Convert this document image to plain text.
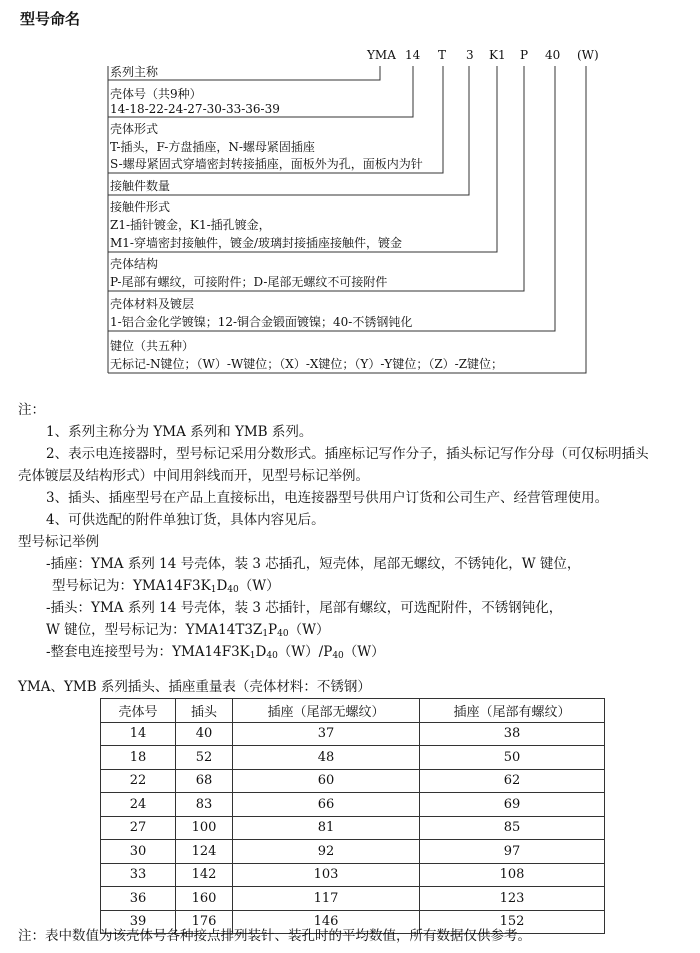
型号命名
YMA 14 T 3 K1 P 40 (W)
系列主称
壳体号（共9种）
14-18-22-24-27-30-33-36-39
壳体形式
T-插头，F-方盘插座，N-螺母紧固插座
S-螺母紧固式穿墙密封转接插座，面板外为孔，面板内为针
接触件数量
接触件形式
Z1-插针镀金，K1-插孔镀金，
M1-穿墙密封接触件，镀金/玻璃封接插座接触件，镀金
壳体结构
P-尾部有螺纹，可接附件；D-尾部无螺纹不可接附件
壳体材料及镀层
1-铝合金化学镀镍；12-铜合金锻面镀镍；40-不锈钢钝化
键位（共五种）
无标记-N键位；（W）-W键位；（X）-X键位；（Y）-Y键位；（Z）-Z键位；
注：
1、系列主称分为 YMA 系列和 YMB 系列。
2、表示电连接器时，型号标记采用分数形式。插座标记写作分子，插头标记写作分母（可仅标明插头
壳体镀层及结构形式）中间用斜线而开，见型号标记举例。
3、插头、插座型号在产品上直接标出，电连接器型号供用户订货和公司生产、经营管理使用。
4、可供选配的附件单独订货，具体内容见后。
型号标记举例
-插座：YMA 系列 14 号壳体，装 3 芯插孔，短壳体，尾部无螺纹，不锈钝化，W 键位，
型号标记为：$YMA14F3K_1D_{40}(W)$
-插头：YMA 系列 14 号壳体，装 3 芯插针，尾部有螺纹，可选配附件，不锈钢钝化，
W 键位，型号标记为：$YMA14T3Z_1P_{40}(W)$
-整套电连接型号为：$YMA14F3K_1D_{40}(W)/P_{40}(W)$
YMA、YMB 系列插头、插座重量表（壳体材料：不锈钢）
壳体号	插头	插座（尾部无螺纹）	插座（尾部有螺纹）
14	40	37	38
18	52	48	50
22	68	60	62
24	83	66	69
27	100	81	85
30	124	92	97
33	142	103	108
36	160	117	123
39	176	146	152
注：表中数值为该壳体号各种接点排列装针、装孔时的平均数值，所有数据仅供参考。
